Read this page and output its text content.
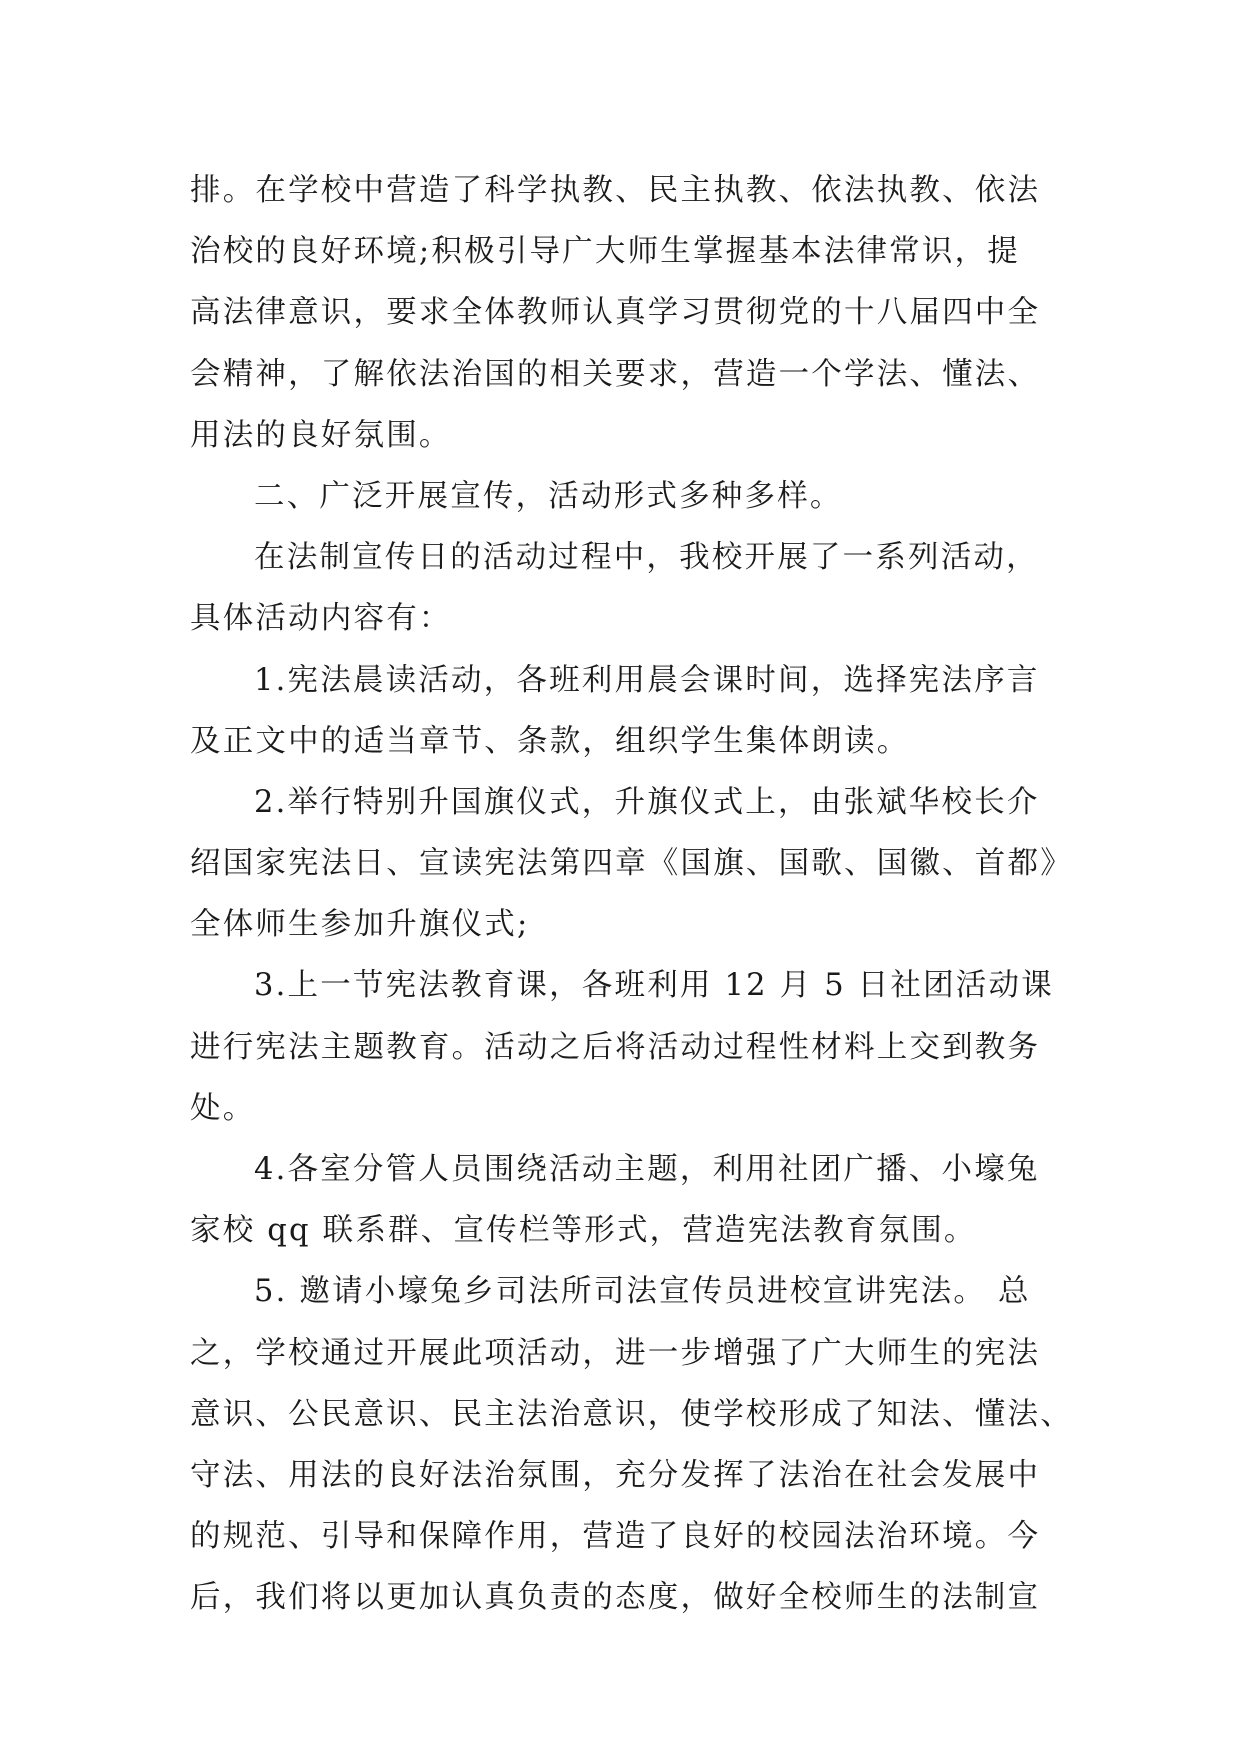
排。在学校中营造了科学执教、民主执教、依法执教、依法
治校的良好环境;积极引导广大师生掌握基本法律常识，提
高法律意识，要求全体教师认真学习贯彻党的十八届四中全
会精神，了解依法治国的相关要求，营造一个学法、懂法、
用法的良好氛围。
二、广泛开展宣传，活动形式多种多样。
在法制宣传日的活动过程中，我校开展了一系列活动，
具体活动内容有：
1.宪法晨读活动，各班利用晨会课时间，选择宪法序言
及正文中的适当章节、条款，组织学生集体朗读。
2.举行特别升国旗仪式，升旗仪式上，由张斌华校长介
绍国家宪法日、宣读宪法第四章《国旗、国歌、国徽、首都》
全体师生参加升旗仪式;
3.上一节宪法教育课，各班利用 12 月 5 日社团活动课
进行宪法主题教育。活动之后将活动过程性材料上交到教务
处。
4.各室分管人员围绕活动主题，利用社团广播、小壕兔
家校 qq 联系群、宣传栏等形式，营造宪法教育氛围。
5. 邀请小壕兔乡司法所司法宣传员进校宣讲宪法。 总
之，学校通过开展此项活动，进一步增强了广大师生的宪法
意识、公民意识、民主法治意识，使学校形成了知法、懂法、
守法、用法的良好法治氛围，充分发挥了法治在社会发展中
的规范、引导和保障作用，营造了良好的校园法治环境。今
后，我们将以更加认真负责的态度，做好全校师生的法制宣
